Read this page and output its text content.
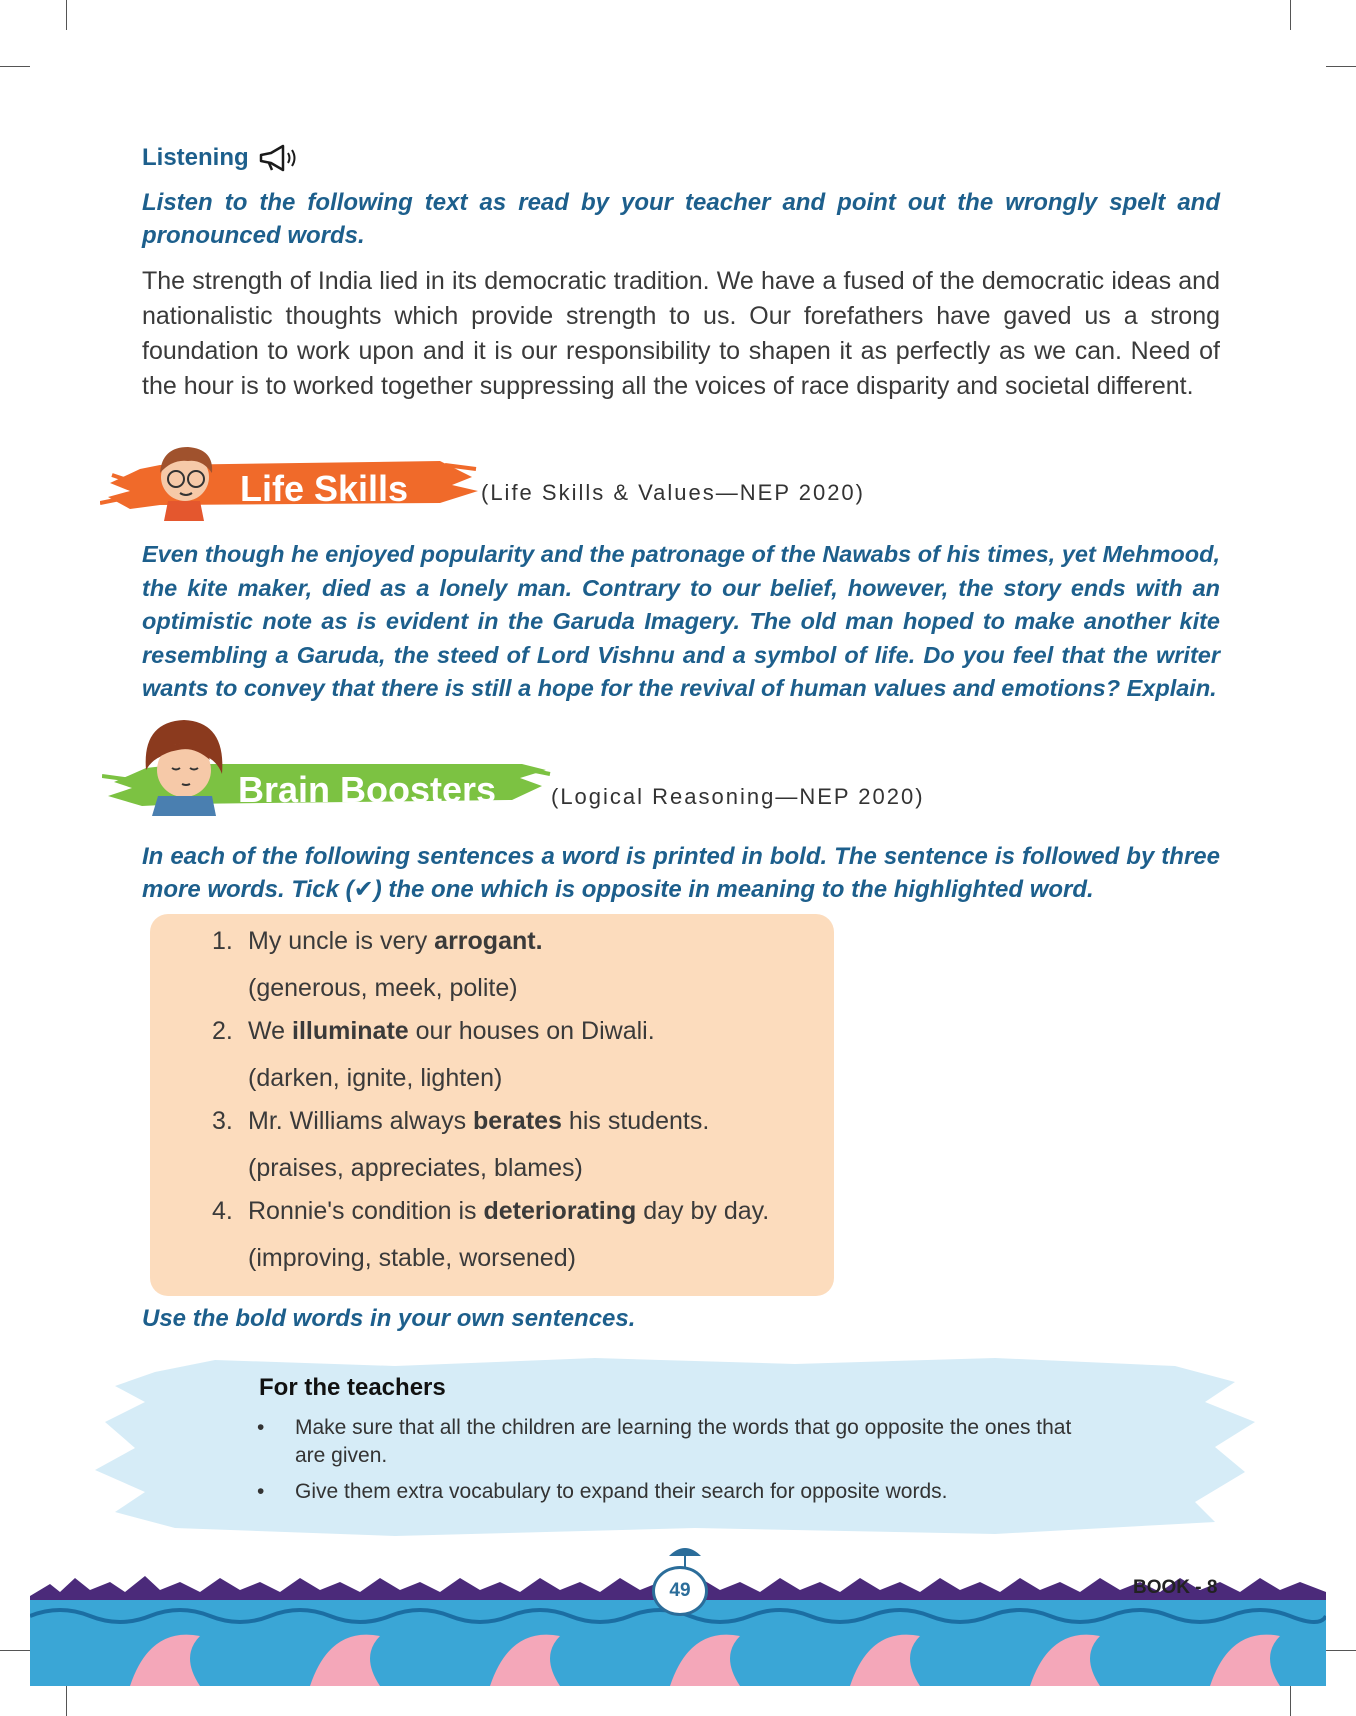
Listening
Listen to the following text as read by your teacher and point out the wrongly spelt and pronounced words.
The strength of India lied in its democratic tradition. We have a fused of the democratic ideas and nationalistic thoughts which provide strength to us. Our forefathers have gaved us a strong foundation to work upon and it is our responsibility to shapen it as perfectly as we can. Need of the hour is to worked together suppressing all the voices of race disparity and societal different.
Life Skills	(Life Skills & Values—NEP 2020)
Even though he enjoyed popularity and the patronage of the Nawabs of his times, yet Mehmood, the kite maker, died as a lonely man. Contrary to our belief, however, the story ends with an optimistic note as is evident in the Garuda Imagery. The old man hoped to make another kite resembling a Garuda, the steed of Lord Vishnu and a symbol of life. Do you feel that the writer wants to convey that there is still a hope for the revival of human values and emotions? Explain.
Brain Boosters (Logical Reasoning—NEP 2020)
In each of the following sentences a word is printed in bold. The sentence is followed by three more words. Tick (✔) the one which is opposite in meaning to the highlighted word.
1. My uncle is very arrogant.
(generous, meek, polite)
2. We illuminate our houses on Diwali.
(darken, ignite, lighten)
3. Mr. Williams always berates his students.
(praises, appreciates, blames)
4. Ronnie's condition is deteriorating day by day.
(improving, stable, worsened)
Use the bold words in your own sentences.
For the teachers
• Make sure that all the children are learning the words that go opposite the ones that are given.
• Give them extra vocabulary to expand their search for opposite words.
49	BOOK - 8
